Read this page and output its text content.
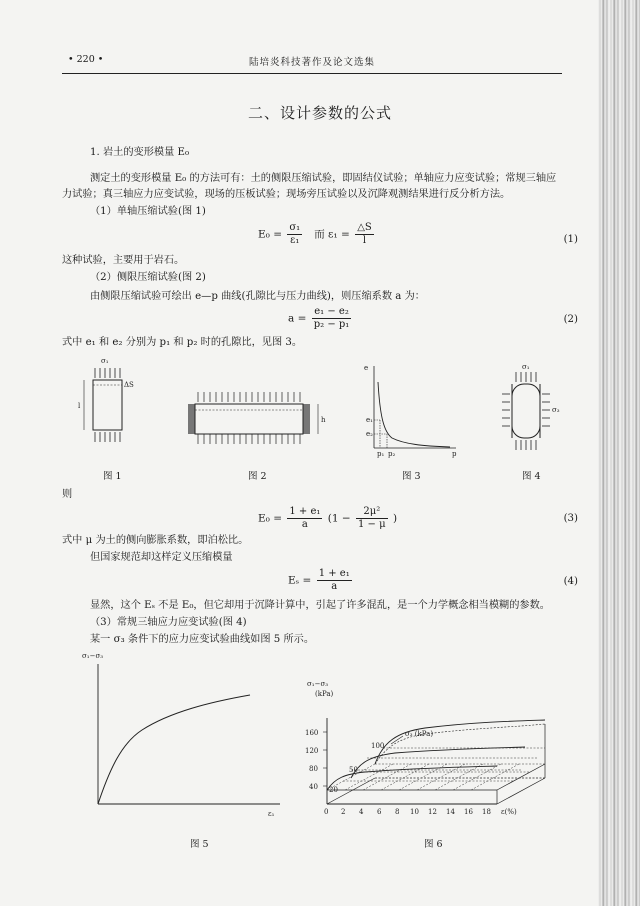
• 220 •	陆培炎科技著作及论文选集
二、设计参数的公式
1. 岩土的变形模量 E₀
测定土的变形模量 E₀ 的方法可有：土的侧限压缩试验，即固结仪试验；单轴应力应变试验；常规三轴应
力试验；真三轴应力应变试验，现场的压板试验；现场旁压试验以及沉降观测结果进行反分析方法。
（1）单轴压缩试验(图 1)
$E_0 = \frac{\text{σ₁}}{\text{ε₁}}$ 而 $\varepsilon_1 = \frac{\triangle S}{l}$	(1)
这种试验，主要用于岩石。
（2）侧限压缩试验(图 2)
由侧限压缩试验可绘出 e—p 曲线(孔隙比与压力曲线)，则压缩系数 a 为：
$a = \frac{\text{e₁ − e₂}}{\text{p₂ − p₁}}$	(2)
式中 e₁ 和 e₂ 分别为 p₁ 和 p₂ 时的孔隙比，见图 3。
σ₁
l
ΔS
图 1
h
图 2
e
e₁
e₂
p₁ p₂	p
图 3
σ₁
σ₃
图 4
则
$E_0 = \frac{\text{1 + e₁}}{a} (1 - \frac{\text{2μ²}}{1 - \mu}$ )	(3)
式中 μ 为土的侧向膨胀系数，即泊松比。
但国家规范却这样定义压缩模量
$E_s = \frac{\text{1 + e₁}}{a}$	(4)
显然，这个 Eₛ 不是 E₀，但它却用于沉降计算中，引起了许多混乱，是一个力学概念相当模糊的参数。
（3）常规三轴应力应变试验(图 4)
某一 σ₃ 条件下的应力应变试验曲线如图 5 所示。
σ₁−σ₃
ε₁
图 5
σ₁−σ₃
(kPa)
40
80
120
160
20
50
100
σ₃ (kPa)
0 2 4 6 8 10 12 14 16 18 ε(%)
图 6
